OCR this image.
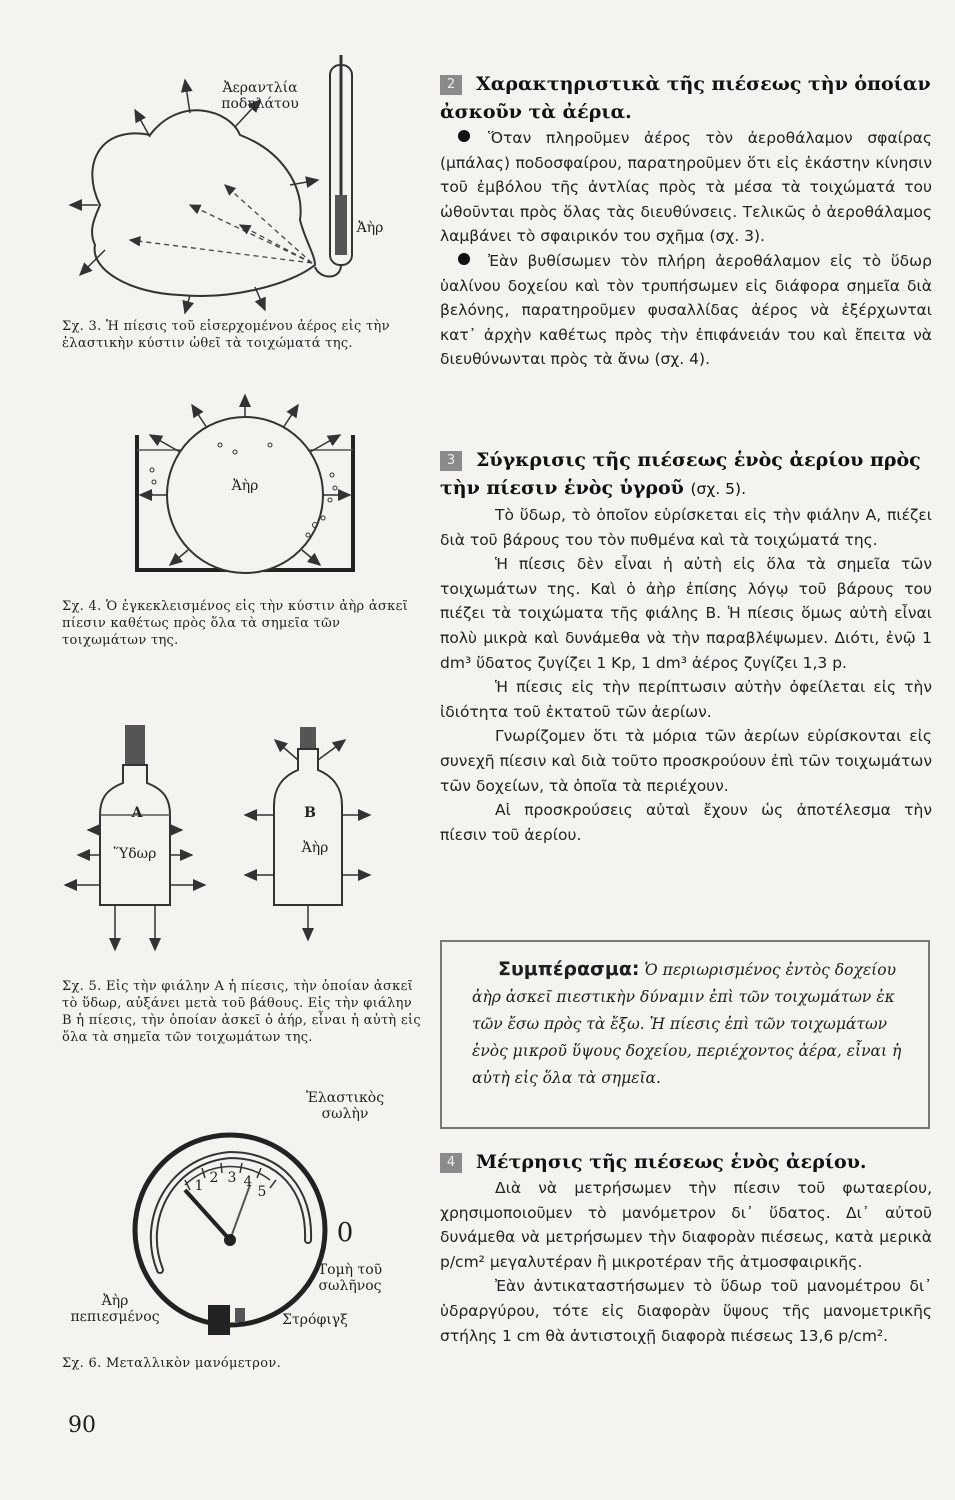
Ἀεραντλία ποδηλάτου
Ἀὴρ
Σχ. 3. Ἡ πίεσις τοῦ εἰσερχομένου ἀέρος εἰς τὴν ἐλαστικὴν κύστιν ὠθεῖ τὰ τοιχώματά της.
Ἀὴρ
Σχ. 4. Ὁ ἐγκεκλεισμένος εἰς τὴν κύστιν ἀὴρ ἀσκεῖ πίεσιν καθέτως πρὸς ὅλα τὰ σημεῖα τῶν τοιχωμάτων της.
A
Ὕδωρ
B
Ἀὴρ
Σχ. 5. Εἰς τὴν φιάλην Α ἡ πίεσις, τὴν ὁποίαν ἀσκεῖ τὸ ὕδωρ, αὐξάνει μετὰ τοῦ βάθους. Εἰς τὴν φιάλην Β ἡ πίεσις, τὴν ὁποίαν ἀσκεῖ ὁ ἀήρ, εἶναι ἡ αὐτὴ εἰς ὅλα τὰ σημεῖα τῶν τοιχωμάτων της.
1 2 3 4
5
Ἐλαστικὸς σωλὴν
0
Τομὴ τοῦ σωλῆνος
Ἀὴρ πεπιεσμένος	Στρόφιγξ
Σχ. 6. Μεταλλικὸν μανόμετρον.
90
2 Χαρακτηριστικὰ τῆς πιέσεως τὴν ὁποίαν ἀσκοῦν τὰ ἀέρια.

Ὅταν πληροῦμεν ἀέρος τὸν ἀεροθάλαμον σφαίρας (μπάλας) ποδοσφαίρου, παρατηροῦμεν ὅτι εἰς ἑκάστην κίνησιν τοῦ ἐμβόλου τῆς ἀντλίας πρὸς τὰ μέσα τὰ τοιχώματά του ὠθοῦνται πρὸς ὅλας τὰς διευθύνσεις. Τελικῶς ὁ ἀεροθάλαμος λαμβάνει τὸ σφαιρικόν του σχῆμα (σχ. 3).

Ἐὰν βυθίσωμεν τὸν πλήρη ἀεροθάλαμον εἰς τὸ ὕδωρ ὑαλίνου δοχείου καὶ τὸν τρυπήσωμεν εἰς διάφορα σημεῖα διὰ βελόνης, παρατηροῦμεν φυσαλλίδας ἀέρος νὰ ἐξέρχωνται κατ᾽ ἀρχὴν καθέτως πρὸς τὴν ἐπιφάνειάν του καὶ ἔπειτα νὰ διευθύνωνται πρὸς τὰ ἄνω (σχ. 4).

3 Σύγκρισις τῆς πιέσεως ἑνὸς ἀερίου πρὸς τὴν πίεσιν ἑνὸς ὑγροῦ (σχ. 5).

Τὸ ὕδωρ, τὸ ὁποῖον εὑρίσκεται εἰς τὴν φιάλην Α, πιέζει διὰ τοῦ βάρους του τὸν πυθμένα καὶ τὰ τοιχώματά της.

Ἡ πίεσις δὲν εἶναι ἡ αὐτὴ εἰς ὅλα τὰ σημεῖα τῶν τοιχωμάτων της. Καὶ ὁ ἀὴρ ἐπίσης λόγῳ τοῦ βάρους του πιέζει τὰ τοιχώματα τῆς φιάλης Β. Ἡ πίεσις ὅμως αὐτὴ εἶναι πολὺ μικρὰ καὶ δυνάμεθα νὰ τὴν παραβλέψωμεν. Διότι, ἐνῷ 1 dm³ ὕδατος ζυγίζει 1 Kp, 1 dm³ ἀέρος ζυγίζει 1,3 p.

Ἡ πίεσις εἰς τὴν περίπτωσιν αὐτὴν ὀφείλεται εἰς τὴν ἰδιότητα τοῦ ἐκτατοῦ τῶν ἀερίων.

Γνωρίζομεν ὅτι τὰ μόρια τῶν ἀερίων εὑρίσκονται εἰς συνεχῆ πίεσιν καὶ διὰ τοῦτο προσκρούουν ἐπὶ τῶν τοιχωμάτων τῶν δοχείων, τὰ ὁποῖα τὰ περιέχουν.

Αἱ προσκρούσεις αὐταὶ ἔχουν ὡς ἀποτέλεσμα τὴν πίεσιν τοῦ ἀερίου.

Συμπέρασμα: Ὁ περιωρισμένος ἐντὸς δοχείου ἀὴρ ἀσκεῖ πιεστικὴν δύναμιν ἐπὶ τῶν τοιχωμάτων ἐκ τῶν ἔσω πρὸς τὰ ἔξω. Ἡ πίεσις ἐπὶ τῶν τοιχωμάτων ἑνὸς μικροῦ ὕψους δοχείου, περιέχοντος ἀέρα, εἶναι ἡ αὐτὴ εἰς ὅλα τὰ σημεῖα.
4 Μέτρησις τῆς πιέσεως ἑνὸς ἀερίου.

Διὰ νὰ μετρήσωμεν τὴν πίεσιν τοῦ φωταερίου, χρησιμοποιοῦμεν τὸ μανόμετρον δι᾽ ὕδατος. Δι᾽ αὐτοῦ δυνάμεθα νὰ μετρήσωμεν τὴν διαφορὰν πιέσεως, κατὰ μερικὰ p/cm² μεγαλυτέραν ἢ μικροτέραν τῆς ἀτμοσφαιρικῆς.

Ἐὰν ἀντικαταστήσωμεν τὸ ὕδωρ τοῦ μανομέτρου δι᾽ ὑδραργύρου, τότε εἰς διαφορὰν ὕψους τῆς μανομετρικῆς στήλης 1 cm θὰ ἀντιστοιχῇ διαφορὰ πιέσεως 13,6 p/cm².
